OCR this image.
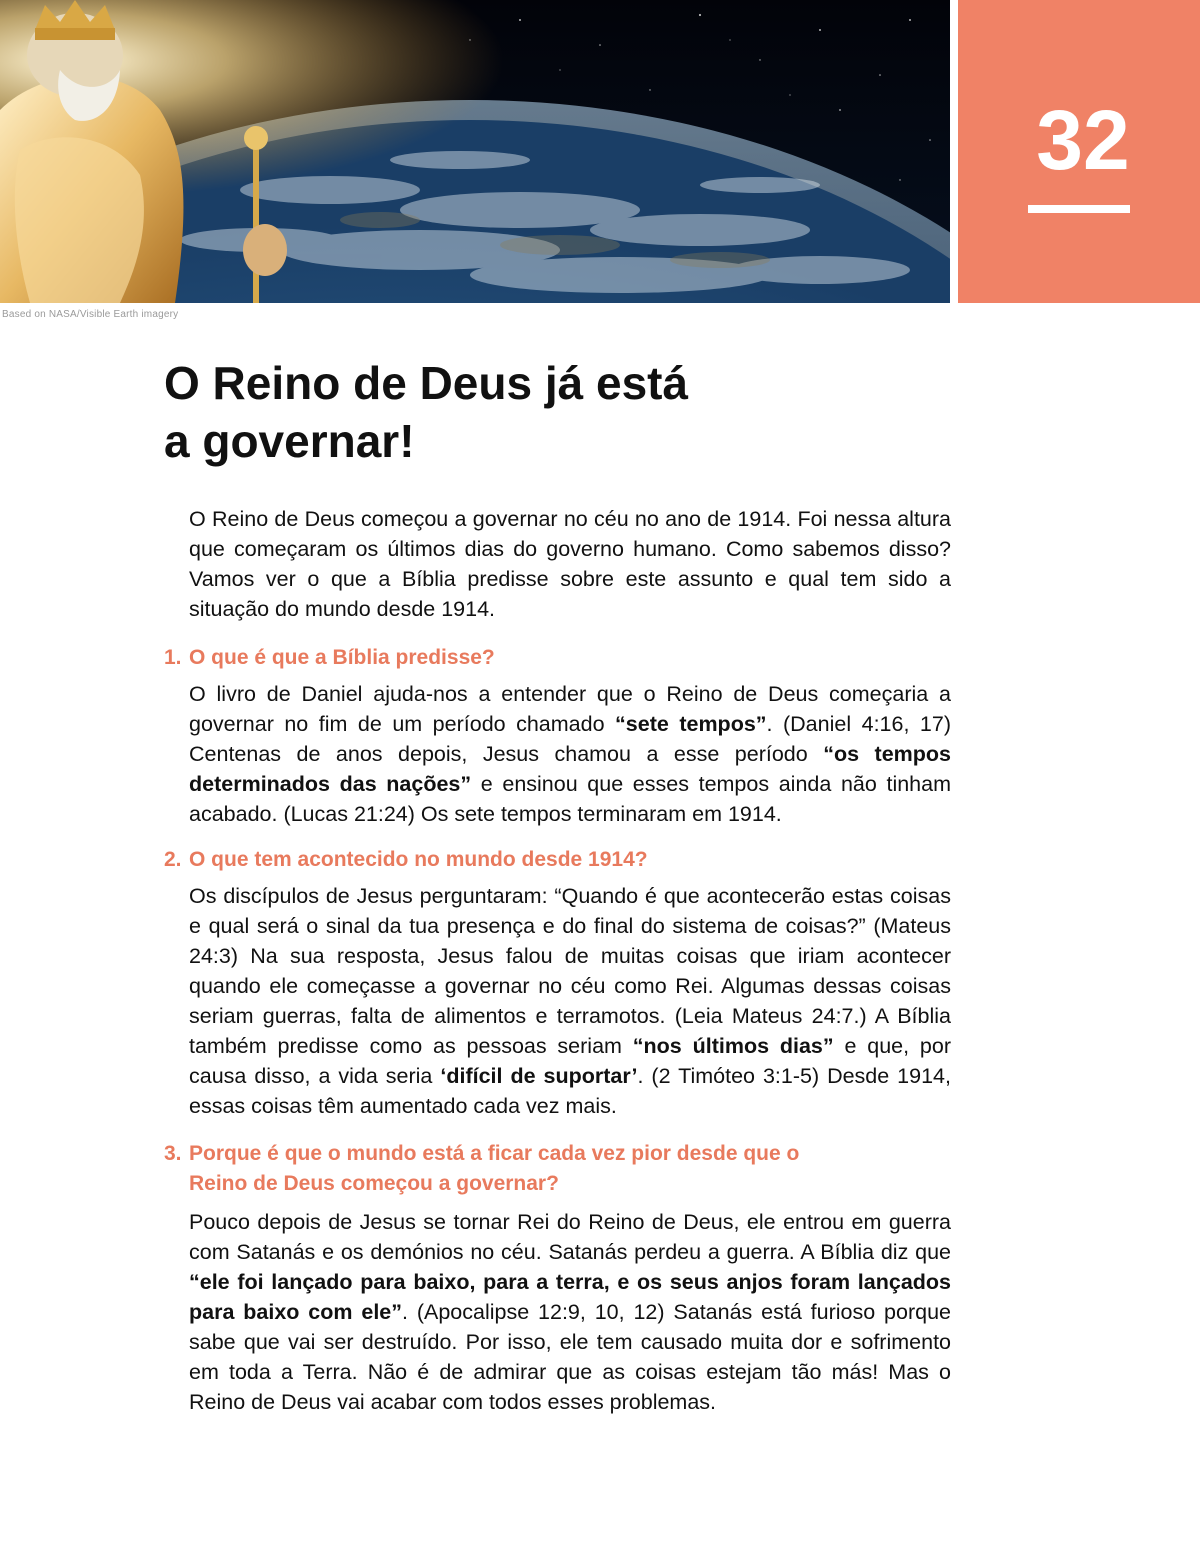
Based on NASA/Visible Earth imagery
32
O Reino de Deus já está
a governar!

O Reino de Deus começou a governar no céu no ano de 1914. Foi nessa altura que começaram os últimos dias do governo humano. Como sabemos disso? Vamos ver o que a Bíblia predisse sobre este assunto e qual tem sido a situação do mundo desde 1914.

1. O que é que a Bíblia predisse?

O livro de Daniel ajuda-nos a entender que o Reino de Deus começaria a governar no fim de um período chamado “sete tempos”. (Daniel 4:16, 17) Centenas de anos depois, Jesus chamou a esse período “os tempos determinados das nações” e ensinou que esses tempos ainda não tinham acabado. (Lucas 21:24) Os sete tempos terminaram em 1914.

2. O que tem acontecido no mundo desde 1914?

Os discípulos de Jesus perguntaram: “Quando é que acontecerão estas coisas e qual será o sinal da tua presença e do final do sistema de coisas?” (Mateus 24:3) Na sua resposta, Jesus falou de muitas coisas que iriam acontecer quando ele começasse a governar no céu como Rei. Algumas dessas coisas seriam guerras, falta de alimentos e terramotos. (Leia Mateus 24:7.) A Bíblia também predisse como as pessoas seriam “nos últimos dias” e que, por causa disso, a vida seria ‘difícil de suportar’. (2 Timóteo 3:1-5) Desde 1914, essas coisas têm aumentado cada vez mais.

3. Porque é que o mundo está a ficar cada vez pior desde que o
Reino de Deus começou a governar?

Pouco depois de Jesus se tornar Rei do Reino de Deus, ele entrou em guerra com Satanás e os demónios no céu. Satanás perdeu a guerra. A Bíblia diz que “ele foi lançado para baixo, para a terra, e os seus anjos foram lançados para baixo com ele”. (Apocalipse 12:9, 10, 12) Satanás está furioso porque sabe que vai ser destruído. Por isso, ele tem causado muita dor e sofrimento em toda a Terra. Não é de admirar que as coisas estejam tão más! Mas o Reino de Deus vai acabar com todos esses problemas.
